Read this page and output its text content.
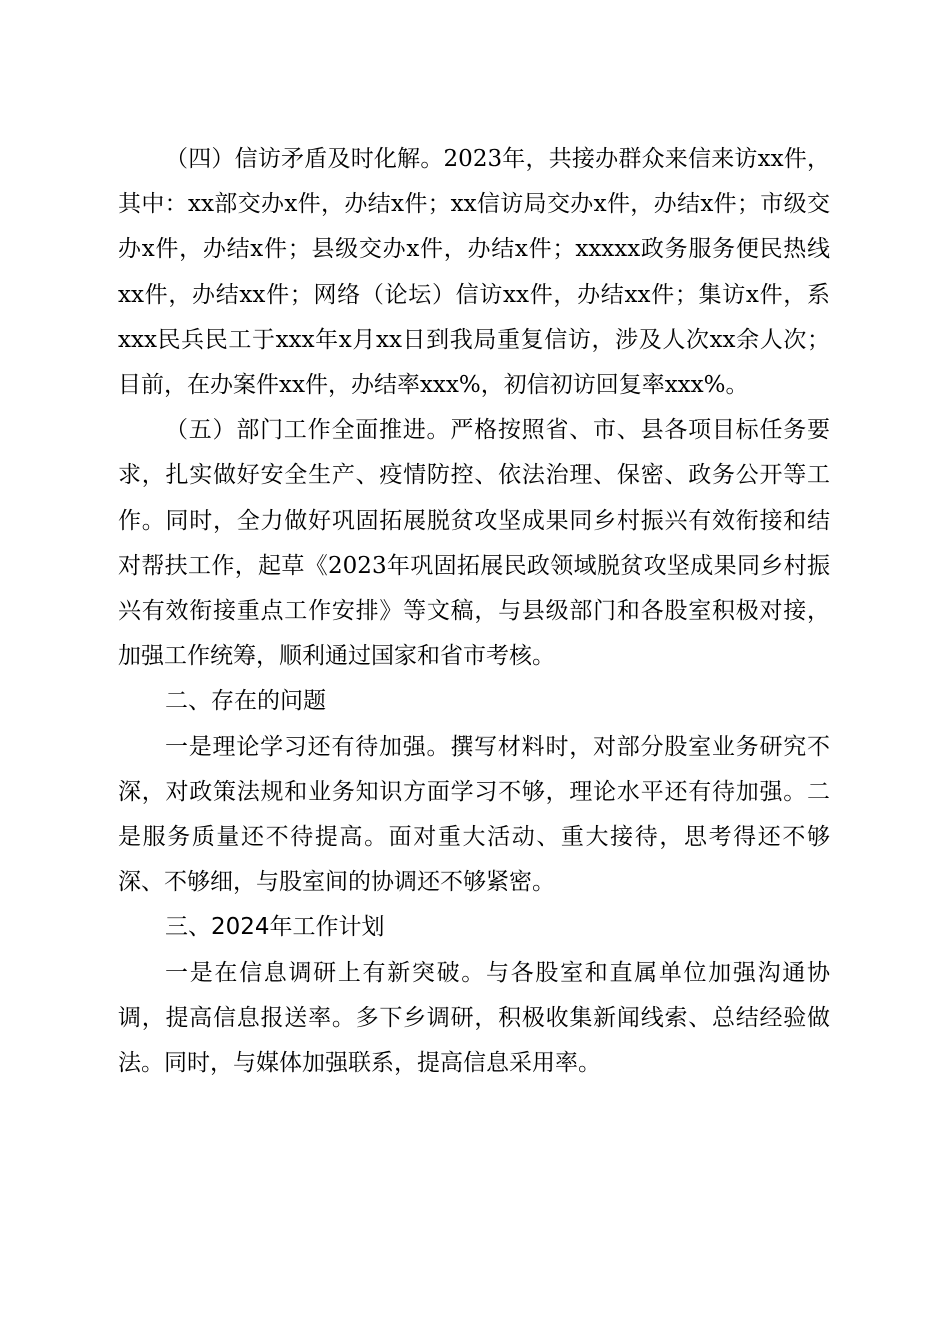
（四）信访矛盾及时化解。2023年，共接办群众来信来访xx件，其中：xx部交办x件，办结x件；xx信访局交办x件，办结x件；市级交办x件，办结x件；县级交办x件，办结x件；xxxxx政务服务便民热线xx件，办结xx件；网络（论坛）信访xx件，办结xx件；集访x件，系xxx民兵民工于xxx年x月xx日到我局重复信访，涉及人次xx余人次；目前，在办案件xx件，办结率xxx%，初信初访回复率xxx%。

（五）部门工作全面推进。严格按照省、市、县各项目标任务要求，扎实做好安全生产、疫情防控、依法治理、保密、政务公开等工作。同时，全力做好巩固拓展脱贫攻坚成果同乡村振兴有效衔接和结对帮扶工作，起草《2023年巩固拓展民政领域脱贫攻坚成果同乡村振兴有效衔接重点工作安排》等文稿，与县级部门和各股室积极对接，加强工作统筹，顺利通过国家和省市考核。

二、存在的问题

一是理论学习还有待加强。撰写材料时，对部分股室业务研究不深，对政策法规和业务知识方面学习不够，理论水平还有待加强。二是服务质量还不待提高。面对重大活动、重大接待，思考得还不够深、不够细，与股室间的协调还不够紧密。

三、2024年工作计划

一是在信息调研上有新突破。与各股室和直属单位加强沟通协调，提高信息报送率。多下乡调研，积极收集新闻线索、总结经验做法。同时，与媒体加强联系，提高信息采用率。
